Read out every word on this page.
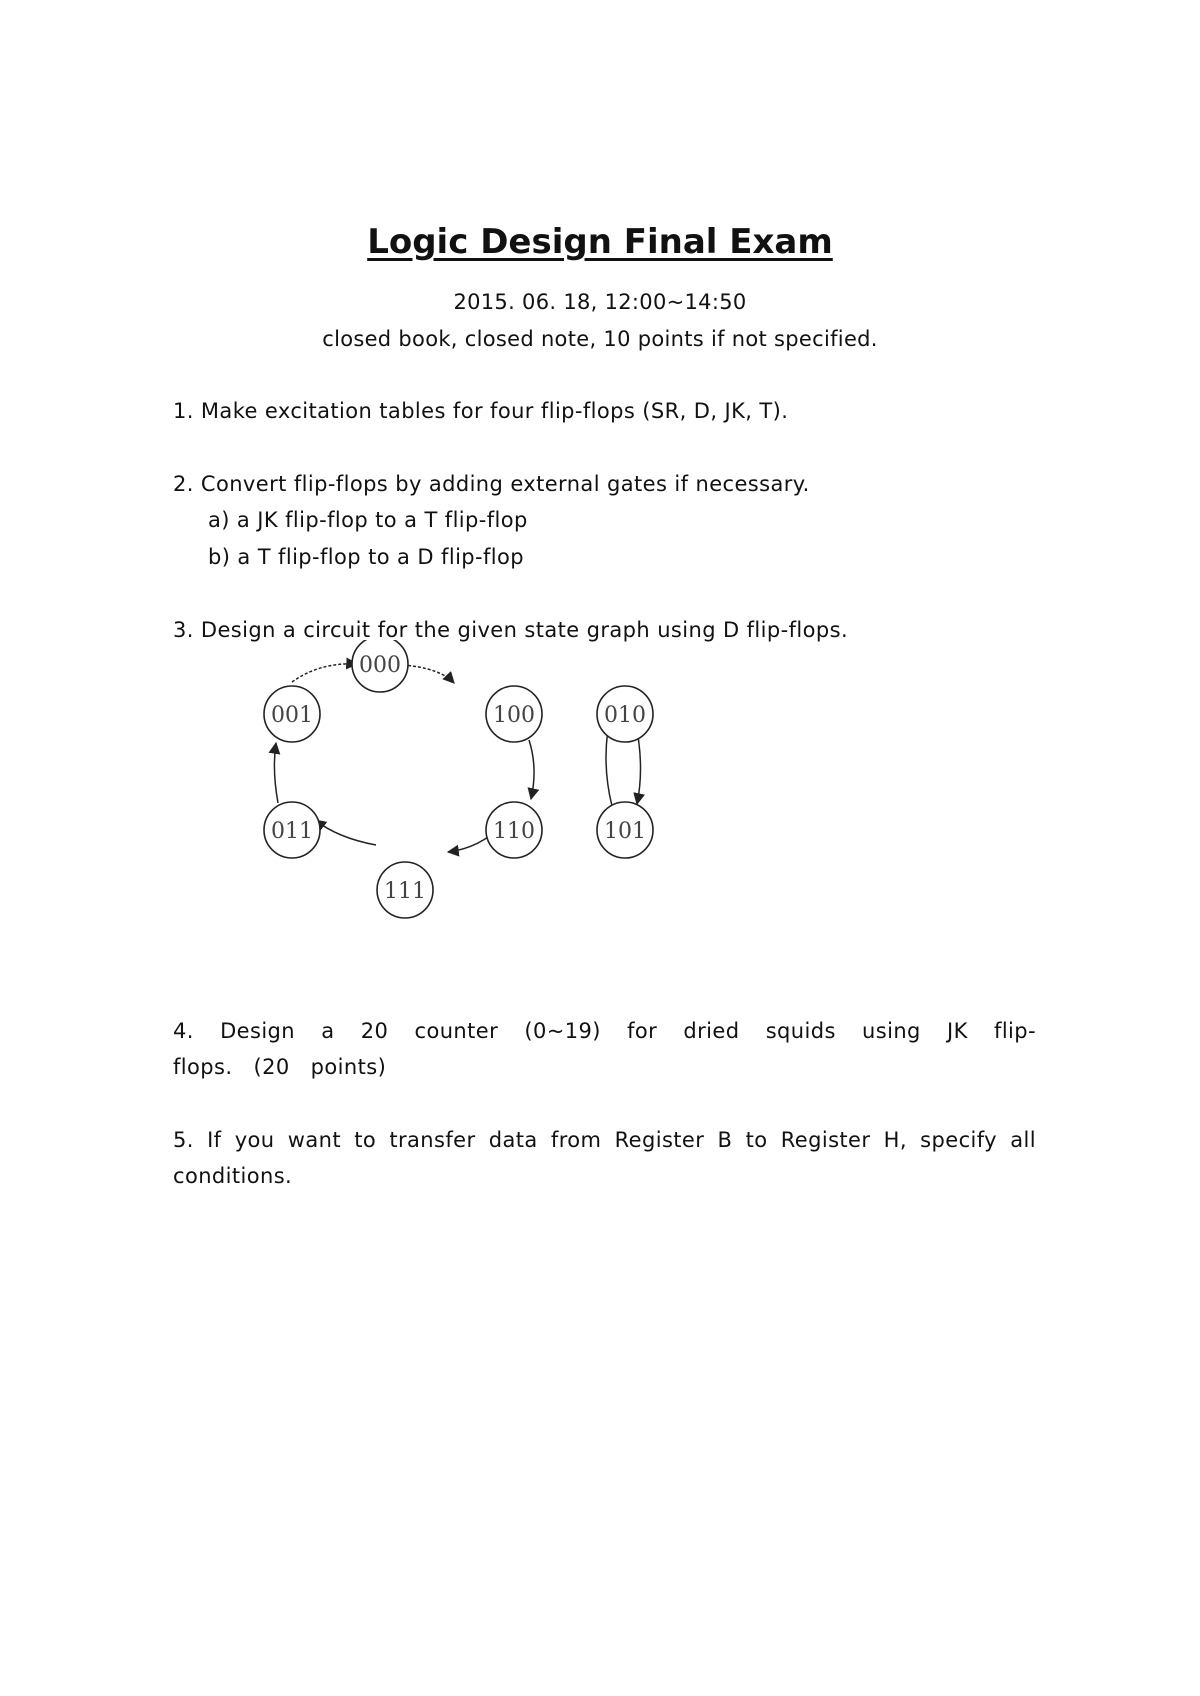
Logic Design Final Exam
2015. 06. 18, 12:00~14:50
closed book, closed note, 10 points if not specified.
1. Make excitation tables for four flip-flops (SR, D, JK, T).
2. Convert flip-flops by adding external gates if necessary.
a) a JK flip-flop to a T flip-flop
b) a T flip-flop to a D flip-flop
3. Design a circuit for the given state graph using D flip-flops.
000
100
110
111
011
001	010
101
4. Design a 20 counter (0~19) for dried squids using JK flip-flops. (20 points)
5. If you want to transfer data from Register B to Register H, specify all conditions.
